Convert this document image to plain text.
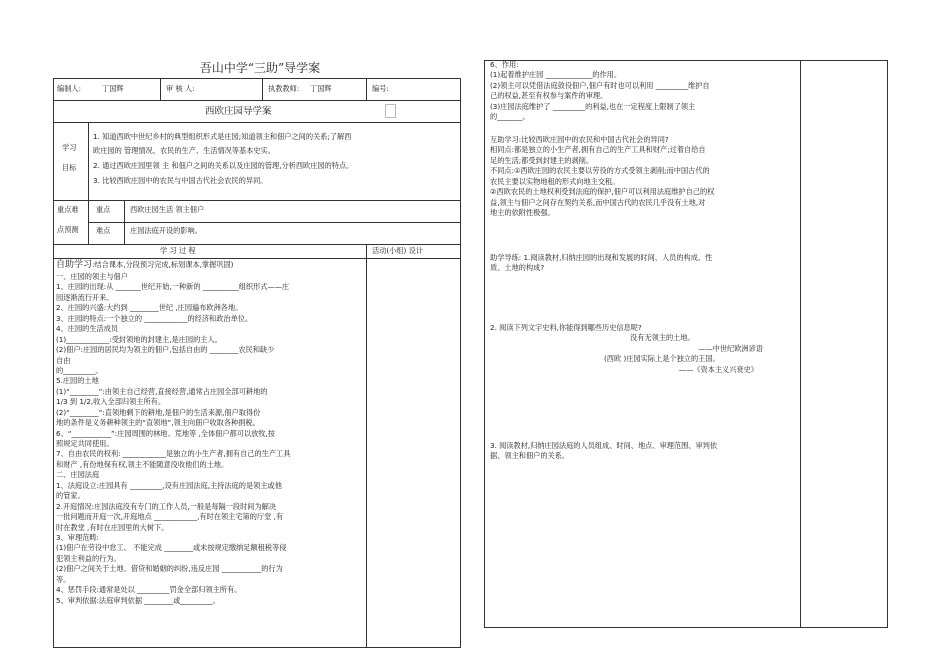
吾山中学“三助”导学案
编制人:	丁国辉	审 核 人:	执教教师: 丁国辉	编号:
西欧庄园导学案
学习
目标
1. 知道西欧中世纪乡村的典型组织形式是庄园;知道领主和佃户之间的关系;了解西
欧庄园的 管理情况、农民的生产、生活情况等基本史实。
2. 通过西欧庄园里领 主 和佃户之间的关系以及庄园的管理,分析西欧庄园的特点。
3. 比较西欧庄园中的农民与中国古代社会农民的异同。
重点难
点预测
重点	西欧庄园生活 领主佃户
难点	庄园法庭开设的影响。
学 习 过 程	活动(小组) 设计
自助学习:结合课本,分段预习完成,标划课本,掌握巩固)
一、庄园的领主与佃户
1、庄园的出现:从 _______世纪开始,一种新的 __________组织形式——庄
园逐渐流行开来。
2、庄园的兴盛:大约到 ________世纪 ,庄园遍布欧洲各地。
3、庄园的特点:一个独立的 ____________的经济和政治单位。
4、庄园的生活成员
(1)____________:受封领地的封建主,是庄园的主人。
(2)佃户:庄园的居民均为领主的佃户,包括自由的 ________农民和缺少
自由
的_________。
5.庄园的土地
(1)“________”:由领主自己经营,直接经营,通常占庄园全部可耕地的
1/3 到 1/2,收入全部归领主所有。
(2)“________”:直领地剩下的耕地,是佃户的生活来源,佃户取得份
地的条件是义务耕种领主的“直领地”,领主向佃户收取各种捐税。
6、“___________”:庄园周围的林地、荒地等 ,全体佃户都可以放牧,按
照规定共同使用。
7、自由农民的权利: ____________是独立的小生产者,拥有自己的生产工具
和财产 ,有份地保有权,领主不能随意没收他们的土地。
二、庄园法庭
1、法庭设立:庄园具有 _________,设有庄园法庭,主持法庭的是领主或他
的管家。
2.开庭情况:庄园法庭没有专门的工作人员,一般是每隔一段时间为解决
一批问题而开庭一次,开庭地点 ____________,有时在领主宅第的厅堂 ,有
时在教堂 ,有时在庄园里的大树下。
3、审理范畴:
(1)佃户在劳役中怠工、 不能完成 ________或未按规定缴纳足额租税等侵
犯领主利益的行为。
(2)佃户之间关于土地、借贷和婚姻的纠纷,违反庄园 ___________的行为
等。
4、惩罚手段:通常是处以 _________罚金全部归领主所有。
5、审判依据:法庭审判依据 ________或_________。
6、作用:
(1)起着维护庄园 _____________的作用。
(2)领主可以凭借法庭敛役佃户,佃户有时也可以利用 _________维护自
己的权益,甚至有权参与案件的审理。
(3)庄园法庭维护了 _________的利益,也在一定程度上限制了领主
的_______。
互助学习:比较西欧庄园中的农民和中国古代社会的异同?
相同点:都是独立的小生产者,拥有自己的生产工具和财产;过着自给自
足的生活;都受到封建主的剥削。
不同点:①西欧庄园的农民主要以劳役的方式受领主剥削;而中国古代的
农民主要以实物地租的形式向地主交租。
②西欧农民的土地权利受到法庭的保护,佃户可以利用法庭维护自己的权
益,领主与佃户之间存在契约关系,而中国古代的农民几乎没有土地,对
地主的依附性极强。
助学导练: 1.阅读教材,归纳庄园的出现和发展的时间、人员的构成、性
质、土地的构成?
2. 阅读下列文字史料,你能得到哪些历史信息呢?
没有无领主的土地。
——中世纪欧洲谚语
(西欧 )庄园实际上是个独立的王国。
——《资本主义兴衰史》
3. 阅读教材,归纳庄园法庭的人员组成、时间、地点、审理范围、审判依
据、领主和佃户的关系。
